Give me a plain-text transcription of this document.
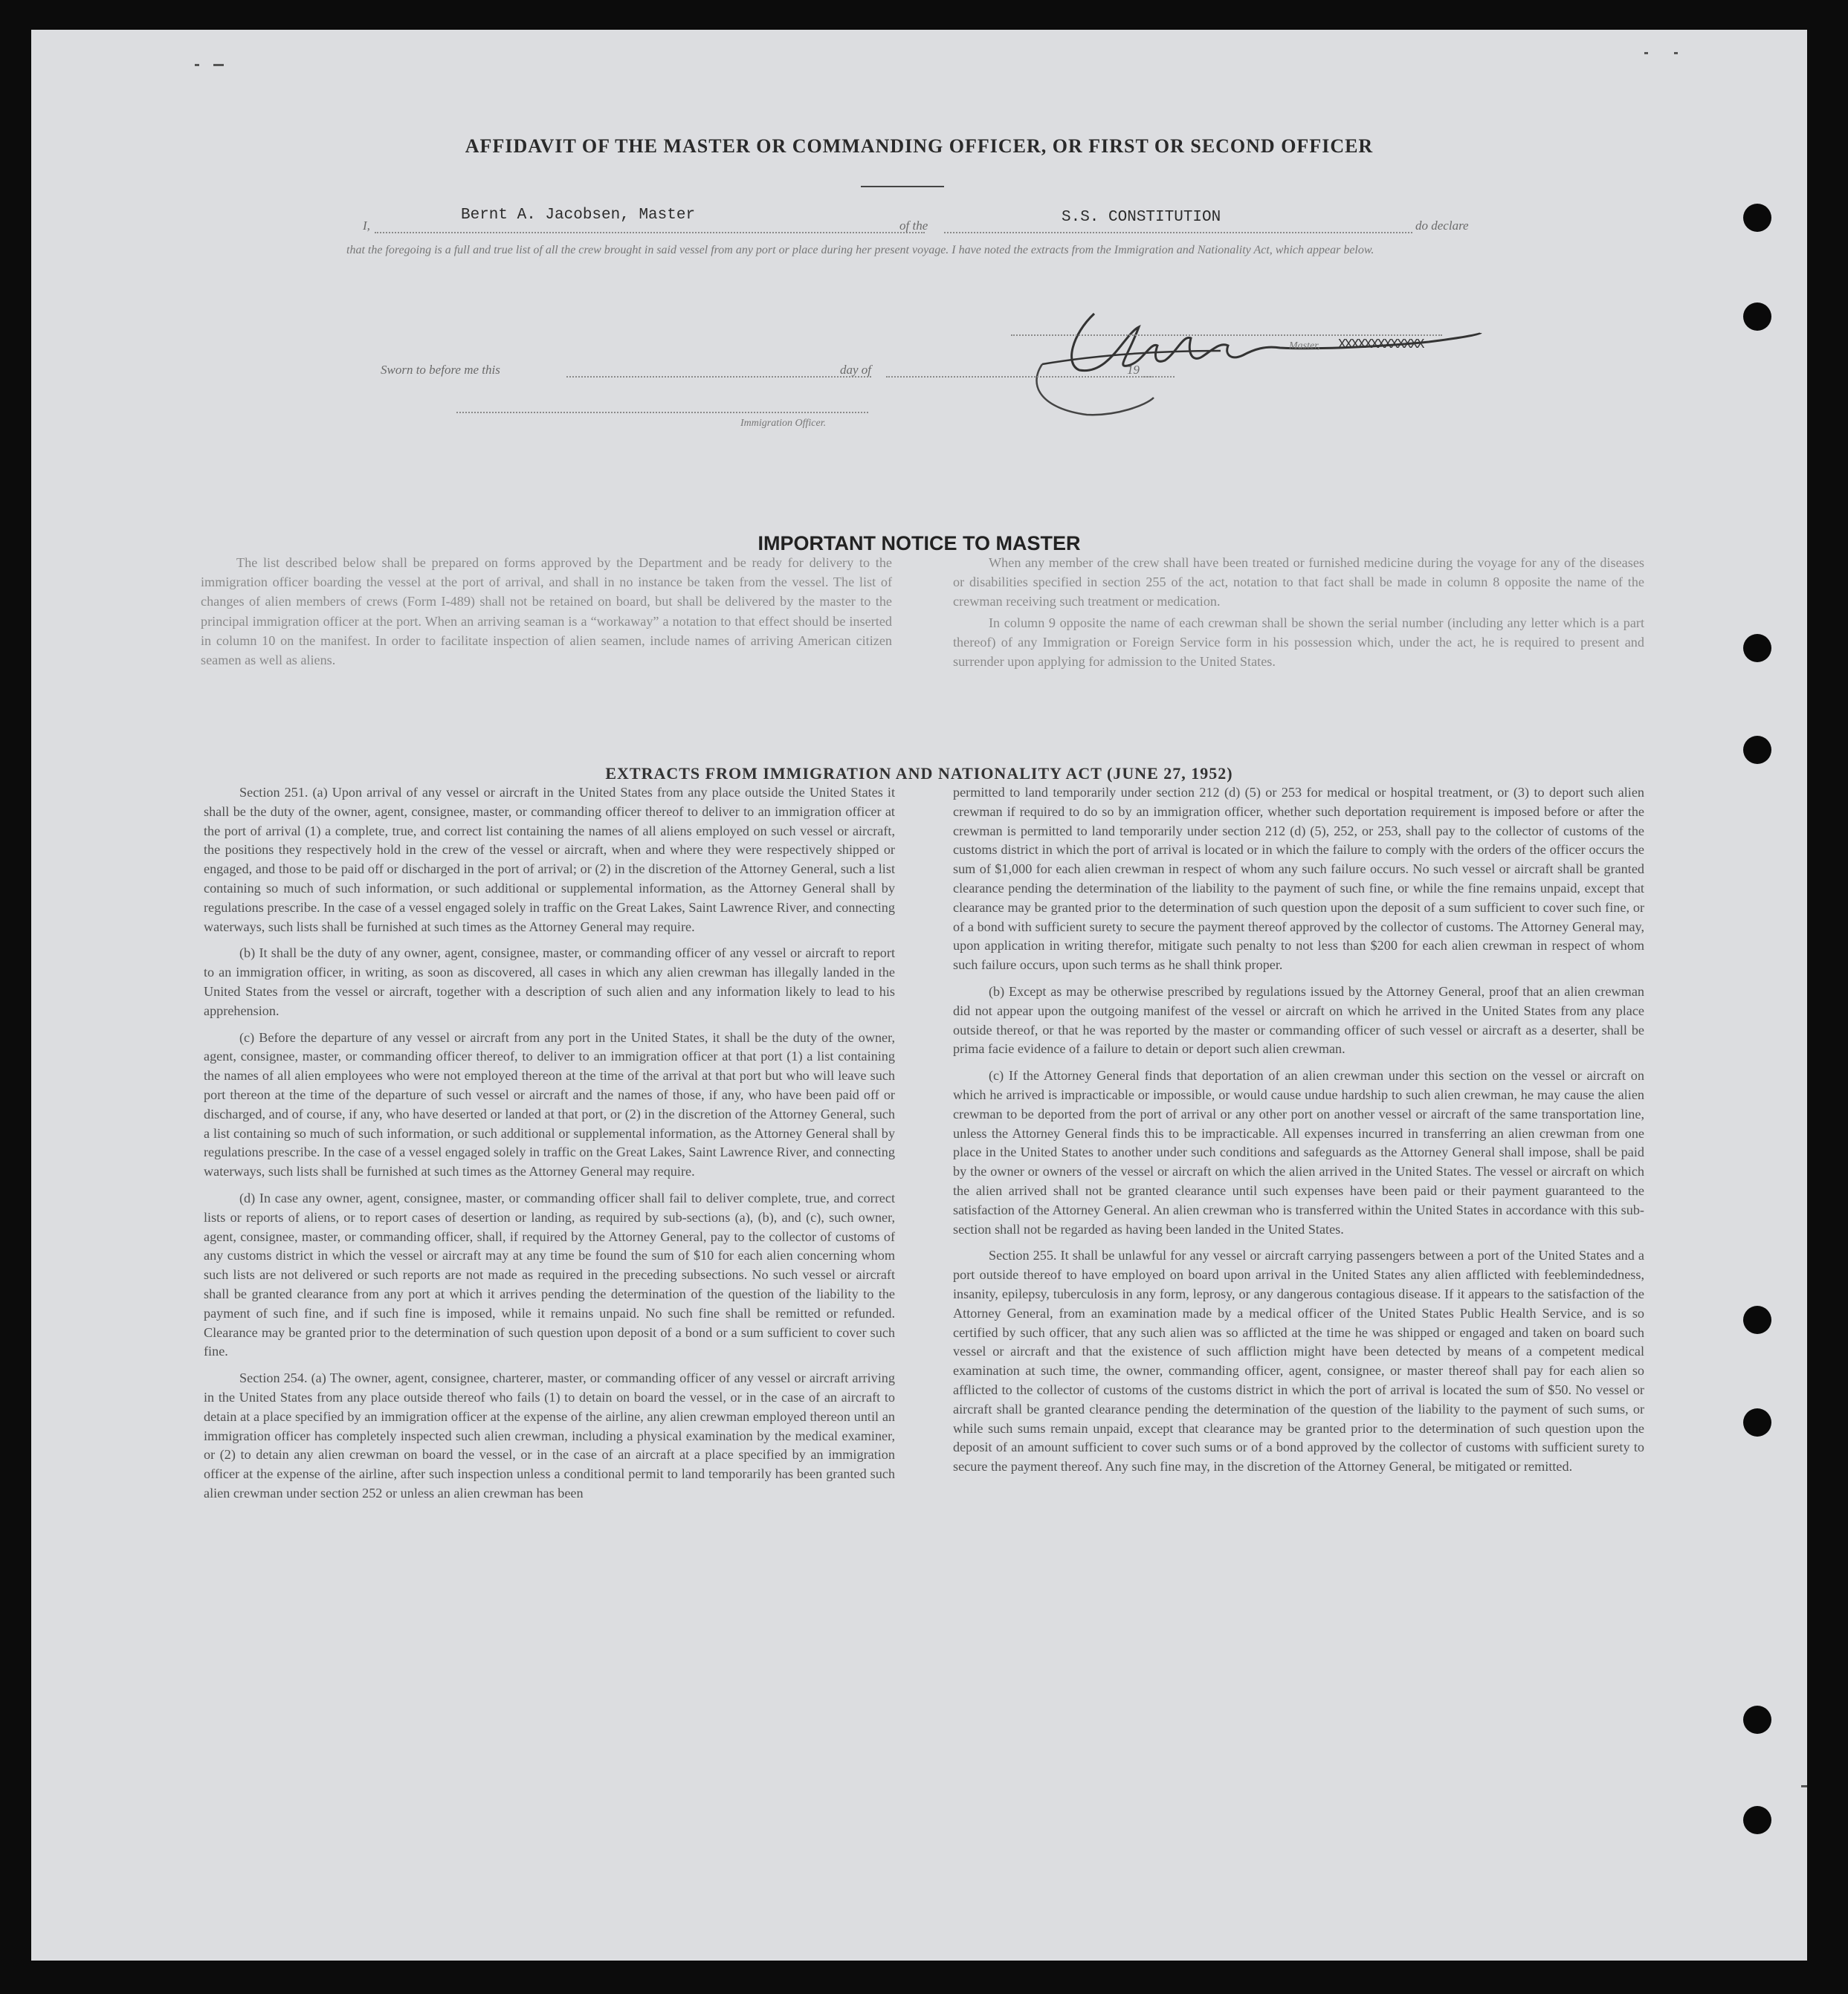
AFFIDAVIT OF THE MASTER OR COMMANDING OFFICER, OR FIRST OR SECOND OFFICER
I,
Bernt A. Jacobsen, Master
of the	S.S. CONSTITUTION	do declare
that the foregoing is a full and true list of all the crew brought in said vessel from any port or place during her present voyage. I have noted the extracts from the Immigration and Nationality Act, which appear below.
Master, XXXXXXXXXXXXX
Sworn to before me this	day of	19
Immigration Officer.
IMPORTANT NOTICE TO MASTER

The list described below shall be prepared on forms approved by the Department and be ready for delivery to the immigration officer boarding the vessel at the port of arrival, and shall in no instance be taken from the vessel. The list of changes of alien members of crews (Form I-489) shall not be retained on board, but shall be delivered by the master to the principal immigration officer at the port. When an arriving seaman is a “workaway” a notation to that effect should be inserted in column 10 on the manifest. In order to facilitate inspection of alien seamen, include names of arriving American citizen seamen as well as aliens.

When any member of the crew shall have been treated or furnished medicine during the voyage for any of the diseases or disabilities specified in section 255 of the act, notation to that fact shall be made in column 8 opposite the name of the crewman receiving such treatment or medication.

In column 9 opposite the name of each crewman shall be shown the serial number (including any letter which is a part thereof) of any Immigration or Foreign Service form in his possession which, under the act, he is required to present and surrender upon applying for admission to the United States.

EXTRACTS FROM IMMIGRATION AND NATIONALITY ACT (JUNE 27, 1952)

Section 251. (a) Upon arrival of any vessel or aircraft in the United States from any place outside the United States it shall be the duty of the owner, agent, consignee, master, or commanding officer thereof to deliver to an immigration officer at the port of arrival (1) a complete, true, and correct list containing the names of all aliens employed on such vessel or aircraft, the positions they respectively hold in the crew of the vessel or aircraft, when and where they were respectively shipped or engaged, and those to be paid off or discharged in the port of arrival; or (2) in the discretion of the Attorney General, such a list containing so much of such information, or such additional or supplemental information, as the Attorney General shall by regulations prescribe. In the case of a vessel engaged solely in traffic on the Great Lakes, Saint Lawrence River, and connecting waterways, such lists shall be furnished at such times as the Attorney General may require.

(b) It shall be the duty of any owner, agent, consignee, master, or commanding officer of any vessel or aircraft to report to an immigration officer, in writing, as soon as discovered, all cases in which any alien crewman has illegally landed in the United States from the vessel or aircraft, together with a description of such alien and any information likely to lead to his apprehension.

(c) Before the departure of any vessel or aircraft from any port in the United States, it shall be the duty of the owner, agent, consignee, master, or commanding officer thereof, to deliver to an immigration officer at that port (1) a list containing the names of all alien employees who were not employed thereon at the time of the arrival at that port but who will leave such port thereon at the time of the departure of such vessel or aircraft and the names of those, if any, who have been paid off or discharged, and of course, if any, who have deserted or landed at that port, or (2) in the discretion of the Attorney General, such a list containing so much of such information, or such additional or supplemental information, as the Attorney General shall by regulations prescribe. In the case of a vessel engaged solely in traffic on the Great Lakes, Saint Lawrence River, and connecting waterways, such lists shall be furnished at such times as the Attorney General may require.

(d) In case any owner, agent, consignee, master, or commanding officer shall fail to deliver complete, true, and correct lists or reports of aliens, or to report cases of desertion or landing, as required by sub-sections (a), (b), and (c), such owner, agent, consignee, master, or commanding officer, shall, if required by the Attorney General, pay to the collector of customs of any customs district in which the vessel or aircraft may at any time be found the sum of $10 for each alien concerning whom such lists are not delivered or such reports are not made as required in the preceding subsections. No such vessel or aircraft shall be granted clearance from any port at which it arrives pending the determination of the question of the liability to the payment of such fine, and if such fine is imposed, while it remains unpaid. No such fine shall be remitted or refunded. Clearance may be granted prior to the determination of such question upon deposit of a bond or a sum sufficient to cover such fine.

Section 254. (a) The owner, agent, consignee, charterer, master, or commanding officer of any vessel or aircraft arriving in the United States from any place outside thereof who fails (1) to detain on board the vessel, or in the case of an aircraft to detain at a place specified by an immigration officer at the expense of the airline, any alien crewman employed thereon until an immigration officer has completely inspected such alien crewman, including a physical examination by the medical examiner, or (2) to detain any alien crewman on board the vessel, or in the case of an aircraft at a place specified by an immigration officer at the expense of the airline, after such inspection unless a conditional permit to land temporarily has been granted such alien crewman under section 252 or unless an alien crewman has been

permitted to land temporarily under section 212 (d) (5) or 253 for medical or hospital treatment, or (3) to deport such alien crewman if required to do so by an immigration officer, whether such deportation requirement is imposed before or after the crewman is permitted to land temporarily under section 212 (d) (5), 252, or 253, shall pay to the collector of customs of the customs district in which the port of arrival is located or in which the failure to comply with the orders of the officer occurs the sum of $1,000 for each alien crewman in respect of whom any such failure occurs. No such vessel or aircraft shall be granted clearance pending the determination of the liability to the payment of such fine, or while the fine remains unpaid, except that clearance may be granted prior to the determination of such question upon the deposit of a sum sufficient to cover such fine, or of a bond with sufficient surety to secure the payment thereof approved by the collector of customs. The Attorney General may, upon application in writing therefor, mitigate such penalty to not less than $200 for each alien crewman in respect of whom such failure occurs, upon such terms as he shall think proper.

(b) Except as may be otherwise prescribed by regulations issued by the Attorney General, proof that an alien crewman did not appear upon the outgoing manifest of the vessel or aircraft on which he arrived in the United States from any place outside thereof, or that he was reported by the master or commanding officer of such vessel or aircraft as a deserter, shall be prima facie evidence of a failure to detain or deport such alien crewman.

(c) If the Attorney General finds that deportation of an alien crewman under this section on the vessel or aircraft on which he arrived is impracticable or impossible, or would cause undue hardship to such alien crewman, he may cause the alien crewman to be deported from the port of arrival or any other port on another vessel or aircraft of the same transportation line, unless the Attorney General finds this to be impracticable. All expenses incurred in transferring an alien crewman from one place in the United States to another under such conditions and safeguards as the Attorney General shall impose, shall be paid by the owner or owners of the vessel or aircraft on which the alien arrived in the United States. The vessel or aircraft on which the alien arrived shall not be granted clearance until such expenses have been paid or their payment guaranteed to the satisfaction of the Attorney General. An alien crewman who is transferred within the United States in accordance with this sub-section shall not be regarded as having been landed in the United States.

Section 255. It shall be unlawful for any vessel or aircraft carrying passengers between a port of the United States and a port outside thereof to have employed on board upon arrival in the United States any alien afflicted with feeblemindedness, insanity, epilepsy, tuberculosis in any form, leprosy, or any dangerous contagious disease. If it appears to the satisfaction of the Attorney General, from an examination made by a medical officer of the United States Public Health Service, and is so certified by such officer, that any such alien was so afflicted at the time he was shipped or engaged and taken on board such vessel or aircraft and that the existence of such affliction might have been detected by means of a competent medical examination at such time, the owner, commanding officer, agent, consignee, or master thereof shall pay for each alien so afflicted to the collector of customs of the customs district in which the port of arrival is located the sum of $50. No vessel or aircraft shall be granted clearance pending the determination of the question of the liability to the payment of such sums, or while such sums remain unpaid, except that clearance may be granted prior to the determination of such question upon the deposit of an amount sufficient to cover such sums or of a bond approved by the collector of customs with sufficient surety to secure the payment thereof. Any such fine may, in the discretion of the Attorney General, be mitigated or remitted.
